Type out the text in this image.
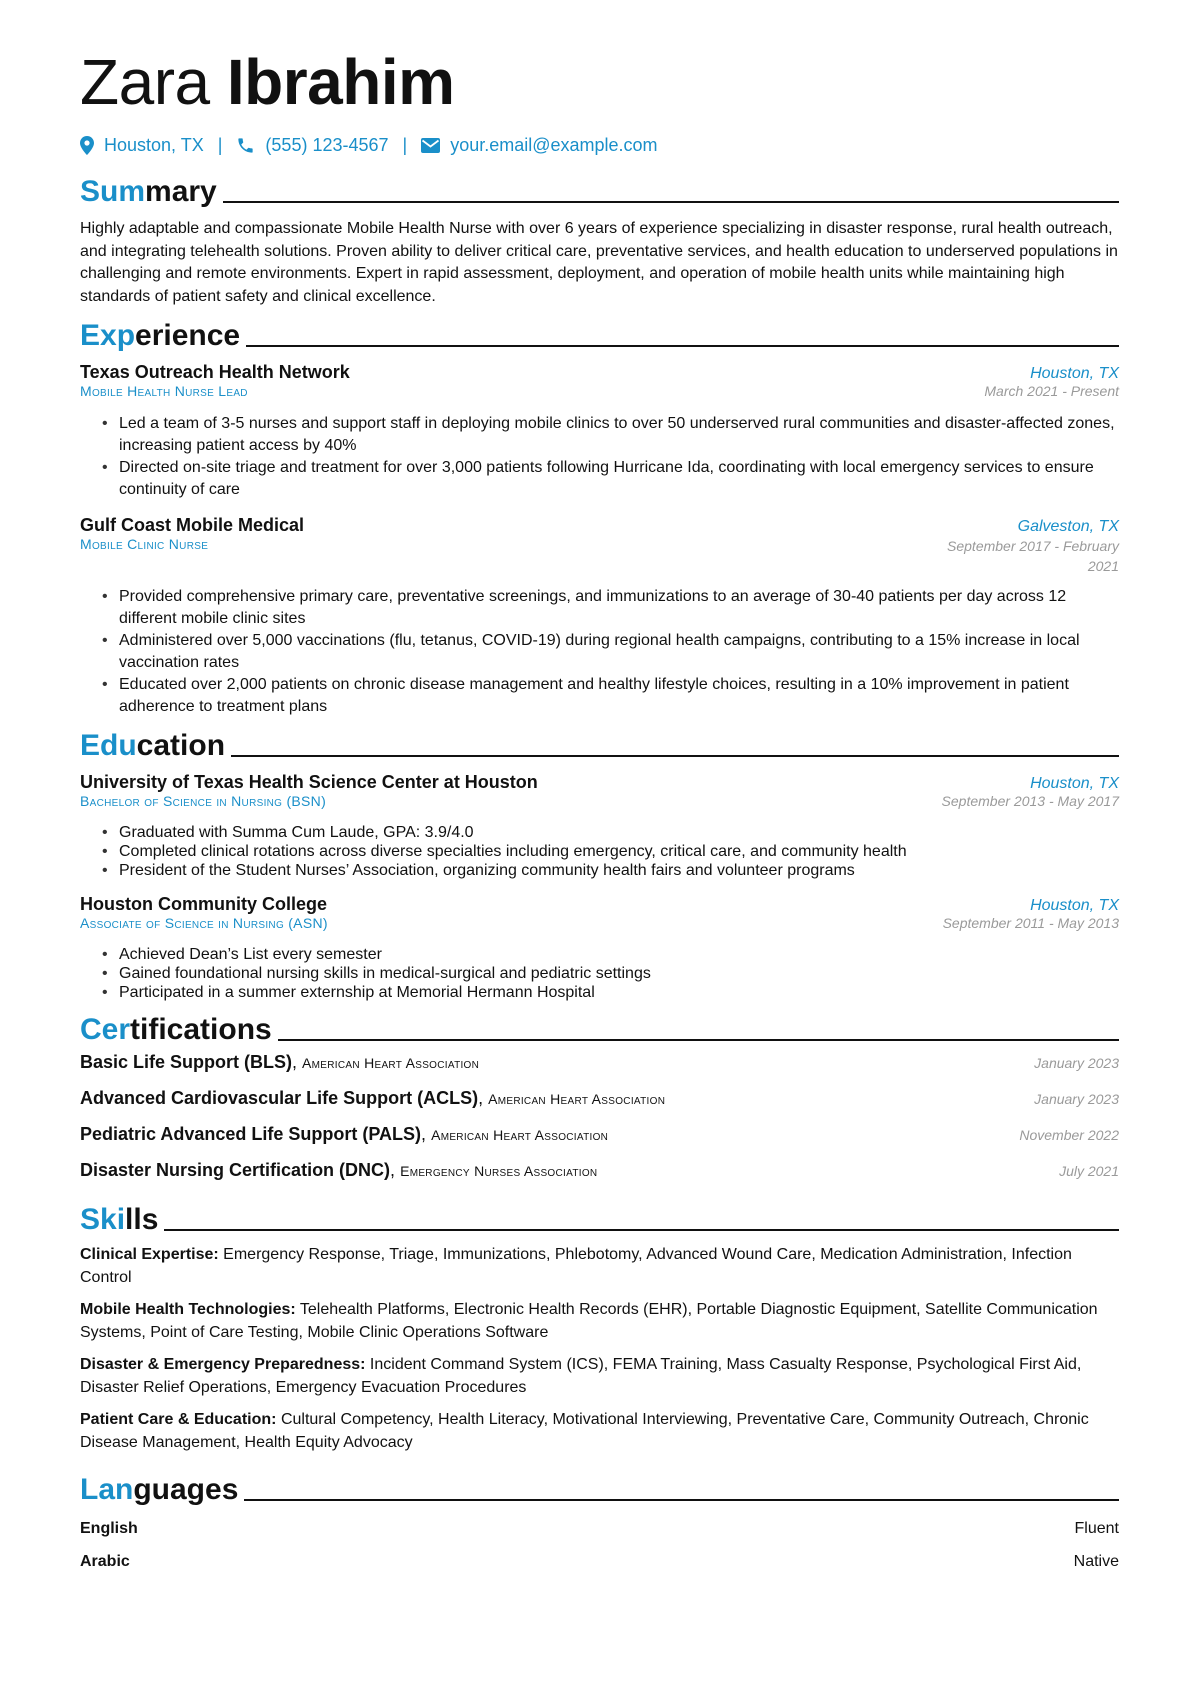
Zara Ibrahim
Houston, TX | (555) 123-4567 | your.email@example.com
Summary
Highly adaptable and compassionate Mobile Health Nurse with over 6 years of experience specializing in disaster response, rural health outreach, and integrating telehealth solutions. Proven ability to deliver critical care, preventative services, and health education to underserved populations in challenging and remote environments. Expert in rapid assessment, deployment, and operation of mobile health units while maintaining high standards of patient safety and clinical excellence.
Experience
Texas Outreach Health Network	Houston, TX
Mobile Health Nurse Lead	March 2021 - Present
• Led a team of 3-5 nurses and support staff in deploying mobile clinics to over 50 underserved rural communities and disaster-affected zones, increasing patient access by 40%
• Directed on-site triage and treatment for over 3,000 patients following Hurricane Ida, coordinating with local emergency services to ensure continuity of care
Gulf Coast Mobile Medical	Galveston, TX
Mobile Clinic Nurse	September 2017 - February 2021
• Provided comprehensive primary care, preventative screenings, and immunizations to an average of 30-40 patients per day across 12 different mobile clinic sites
• Administered over 5,000 vaccinations (flu, tetanus, COVID-19) during regional health campaigns, contributing to a 15% increase in local vaccination rates
• Educated over 2,000 patients on chronic disease management and healthy lifestyle choices, resulting in a 10% improvement in patient adherence to treatment plans
Education
University of Texas Health Science Center at Houston	Houston, TX
Bachelor of Science in Nursing (BSN)	September 2013 - May 2017
• Graduated with Summa Cum Laude, GPA: 3.9/4.0
• Completed clinical rotations across diverse specialties including emergency, critical care, and community health
• President of the Student Nurses’ Association, organizing community health fairs and volunteer programs
Houston Community College	Houston, TX
Associate of Science in Nursing (ASN)	September 2011 - May 2013
• Achieved Dean’s List every semester
• Gained foundational nursing skills in medical-surgical and pediatric settings
• Participated in a summer externship at Memorial Hermann Hospital
Certifications
Basic Life Support (BLS), American Heart Association	January 2023
Advanced Cardiovascular Life Support (ACLS), American Heart Association	January 2023
Pediatric Advanced Life Support (PALS), American Heart Association	November 2022
Disaster Nursing Certification (DNC), Emergency Nurses Association	July 2021
Skills
Clinical Expertise: Emergency Response, Triage, Immunizations, Phlebotomy, Advanced Wound Care, Medication Administration, Infection Control
Mobile Health Technologies: Telehealth Platforms, Electronic Health Records (EHR), Portable Diagnostic Equipment, Satellite Communication Systems, Point of Care Testing, Mobile Clinic Operations Software
Disaster & Emergency Preparedness: Incident Command System (ICS), FEMA Training, Mass Casualty Response, Psychological First Aid, Disaster Relief Operations, Emergency Evacuation Procedures
Patient Care & Education: Cultural Competency, Health Literacy, Motivational Interviewing, Preventative Care, Community Outreach, Chronic Disease Management, Health Equity Advocacy
Languages
English	Fluent
Arabic	Native
